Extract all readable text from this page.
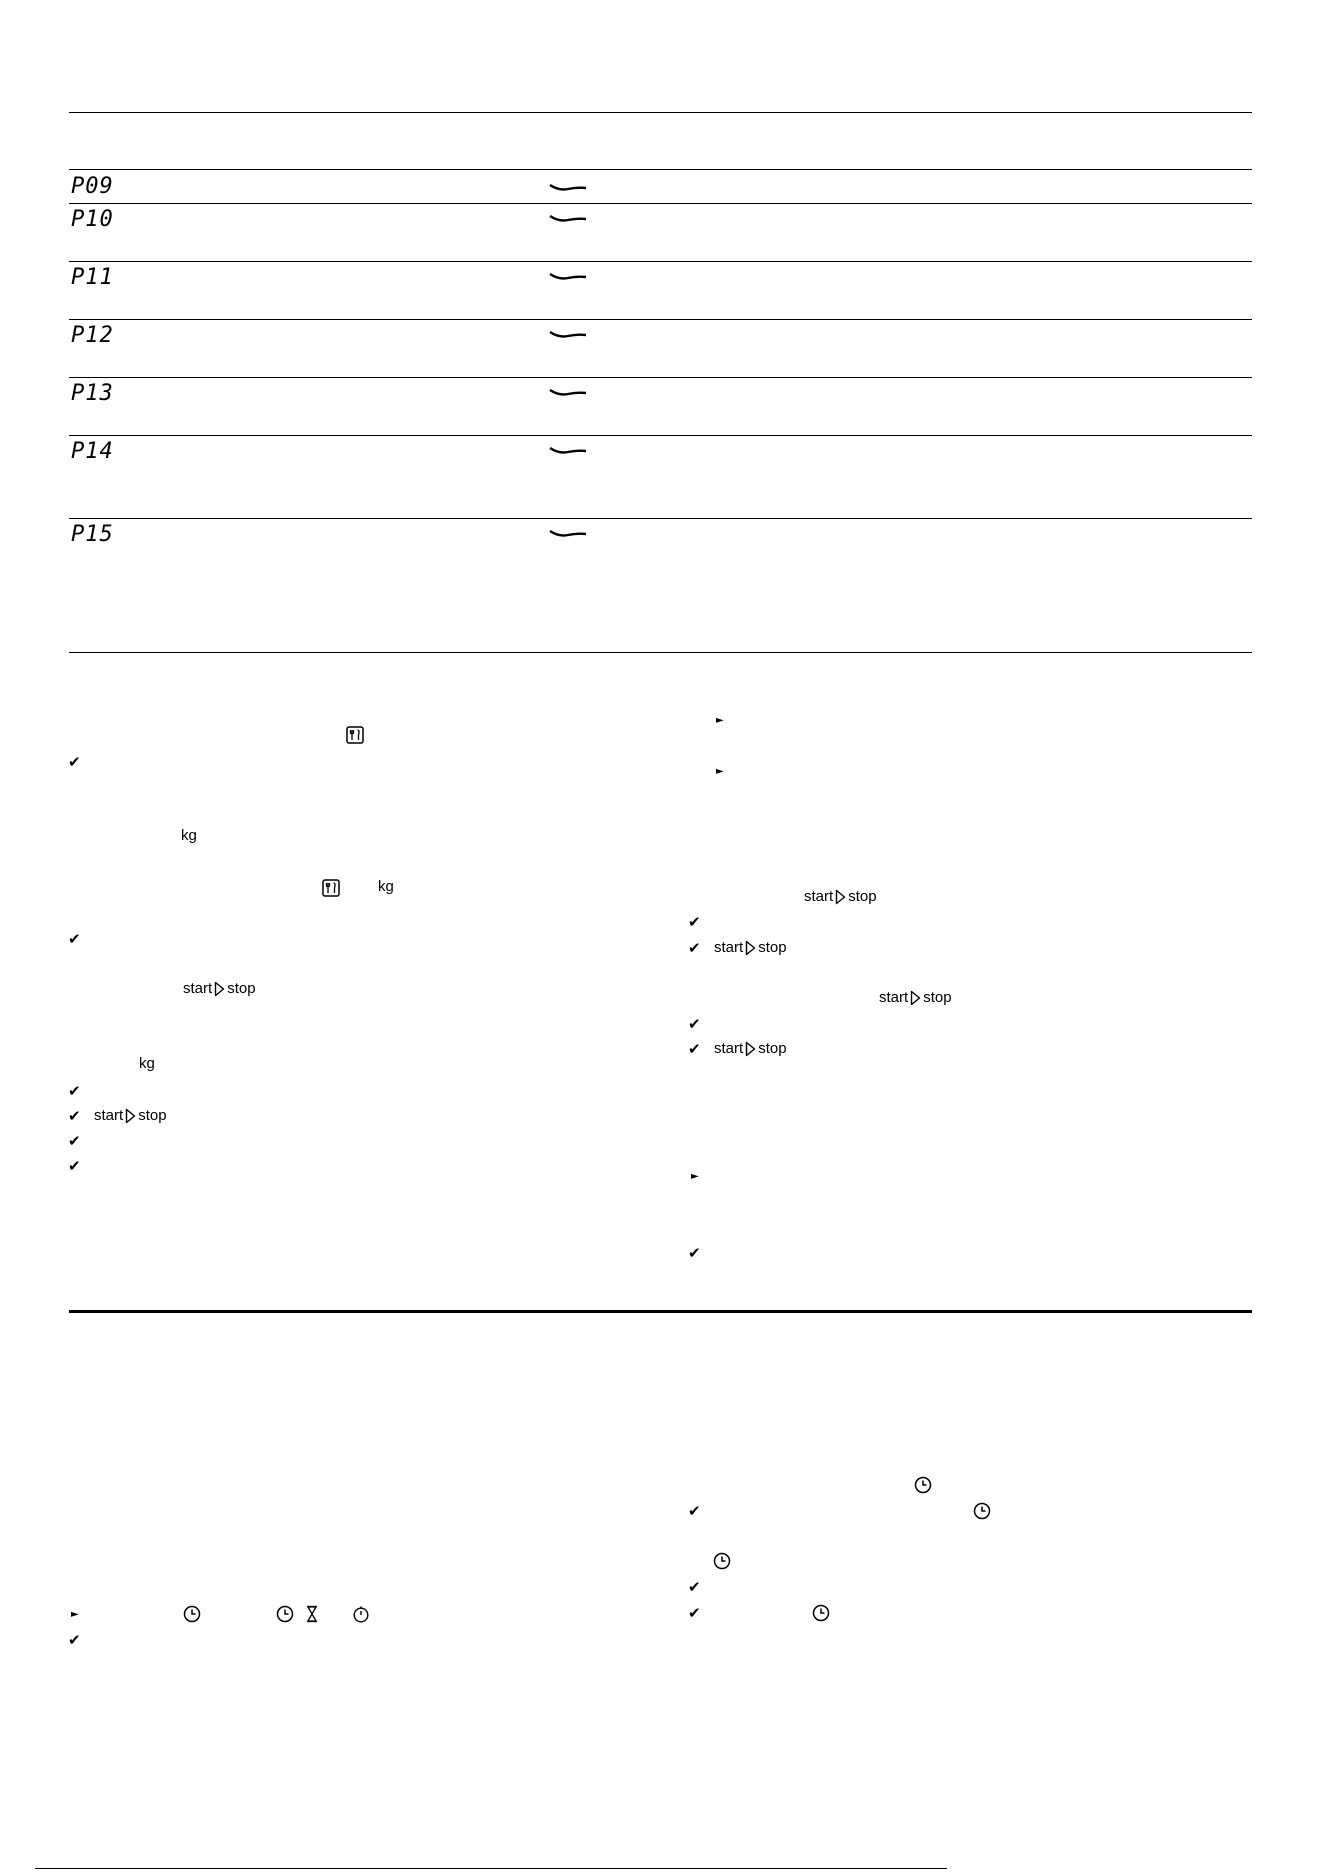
P09
P10
P11
P12
P13
P14
P15
✔
kg
kg
✔
start stop
kg
✔
✔ start stop
✔
✔
►
►
start stop
✔
✔ start stop
start stop
✔
✔ start stop
►
✔
►
✔
✔
✔
✔
